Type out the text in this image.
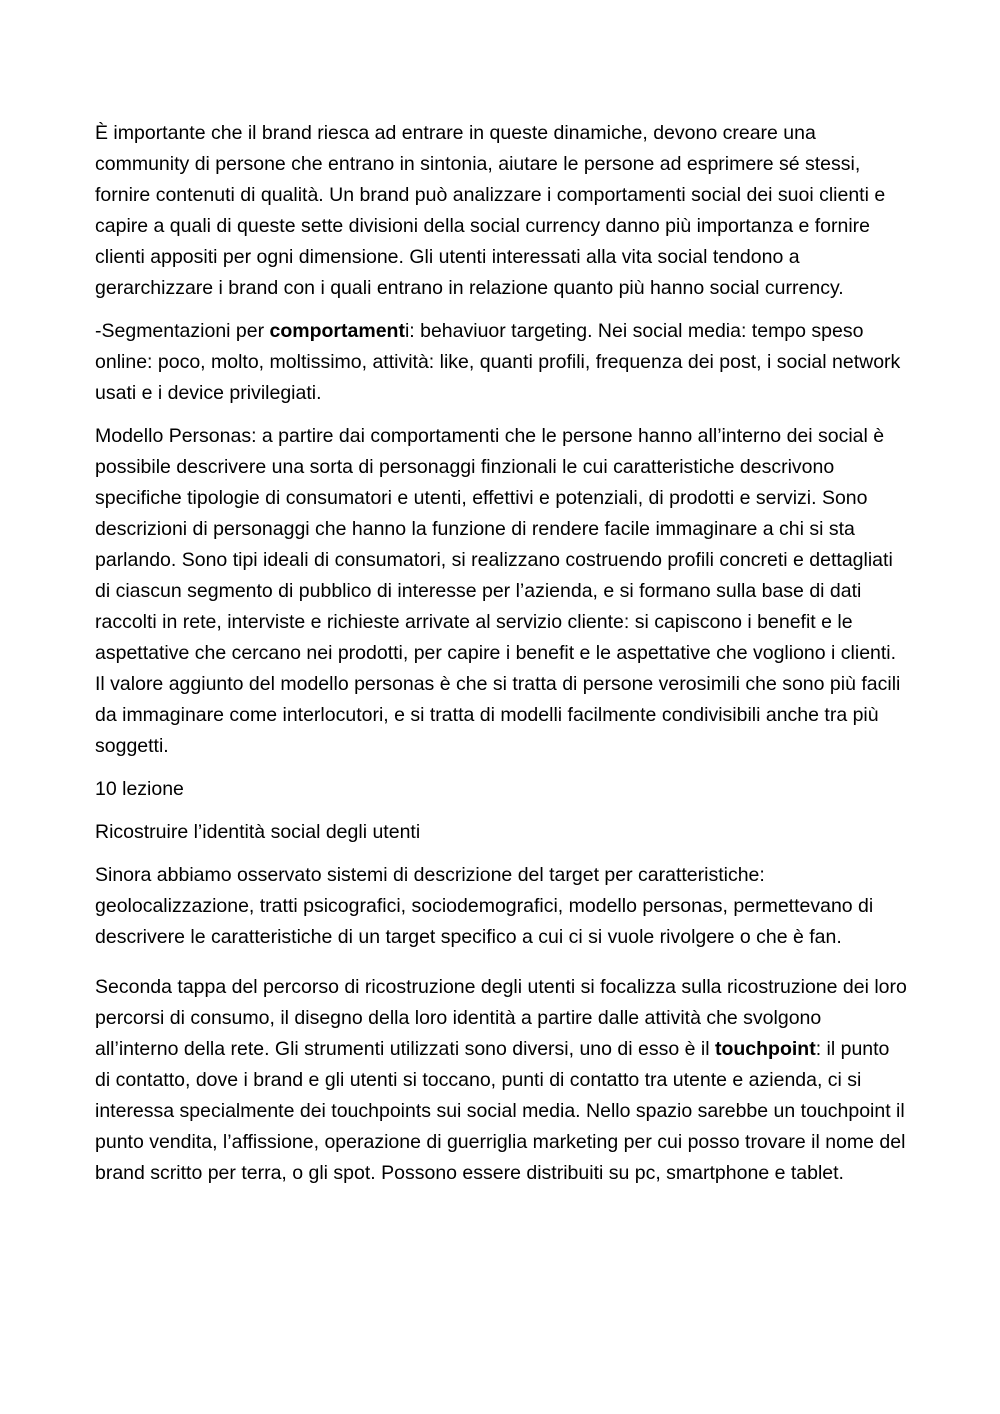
È importante che il brand riesca ad entrare in queste dinamiche, devono creare una community di persone che entrano in sintonia, aiutare le persone ad esprimere sé stessi, fornire contenuti di qualità. Un brand può analizzare i comportamenti social dei suoi clienti e capire a quali di queste sette divisioni della social currency danno più importanza e fornire clienti appositi per ogni dimensione. Gli utenti interessati alla vita social tendono a gerarchizzare i brand con i quali entrano in relazione quanto più hanno social currency.

-Segmentazioni per comportamenti: behaviuor targeting. Nei social media: tempo speso online: poco, molto, moltissimo, attività: like, quanti profili, frequenza dei post, i social network usati e i device privilegiati.

Modello Personas: a partire dai comportamenti che le persone hanno all’interno dei social è possibile descrivere una sorta di personaggi finzionali le cui caratteristiche descrivono specifiche tipologie di consumatori e utenti, effettivi e potenziali, di prodotti e servizi. Sono descrizioni di personaggi che hanno la funzione di rendere facile immaginare a chi si sta parlando. Sono tipi ideali di consumatori, si realizzano costruendo profili concreti e dettagliati di ciascun segmento di pubblico di interesse per l’azienda, e si formano sulla base di dati raccolti in rete, interviste e richieste arrivate al servizio cliente: si capiscono i benefit e le aspettative che cercano nei prodotti, per capire i benefit e le aspettative che vogliono i clienti. Il valore aggiunto del modello personas è che si tratta di persone verosimili che sono più facili da immaginare come interlocutori, e si tratta di modelli facilmente condivisibili anche tra più soggetti.

10 lezione

Ricostruire l’identità social degli utenti

Sinora abbiamo osservato sistemi di descrizione del target per caratteristiche: geolocalizzazione, tratti psicografici, sociodemografici, modello personas, permettevano di descrivere le caratteristiche di un target specifico a cui ci si vuole rivolgere o che è fan.

Seconda tappa del percorso di ricostruzione degli utenti si focalizza sulla ricostruzione dei loro percorsi di consumo, il disegno della loro identità a partire dalle attività che svolgono all’interno della rete. Gli strumenti utilizzati sono diversi, uno di esso è il touchpoint: il punto di contatto, dove i brand e gli utenti si toccano, punti di contatto tra utente e azienda, ci si interessa specialmente dei touchpoints sui social media. Nello spazio sarebbe un touchpoint il punto vendita, l’affissione, operazione di guerriglia marketing per cui posso trovare il nome del brand scritto per terra, o gli spot. Possono essere distribuiti su pc, smartphone e tablet.
